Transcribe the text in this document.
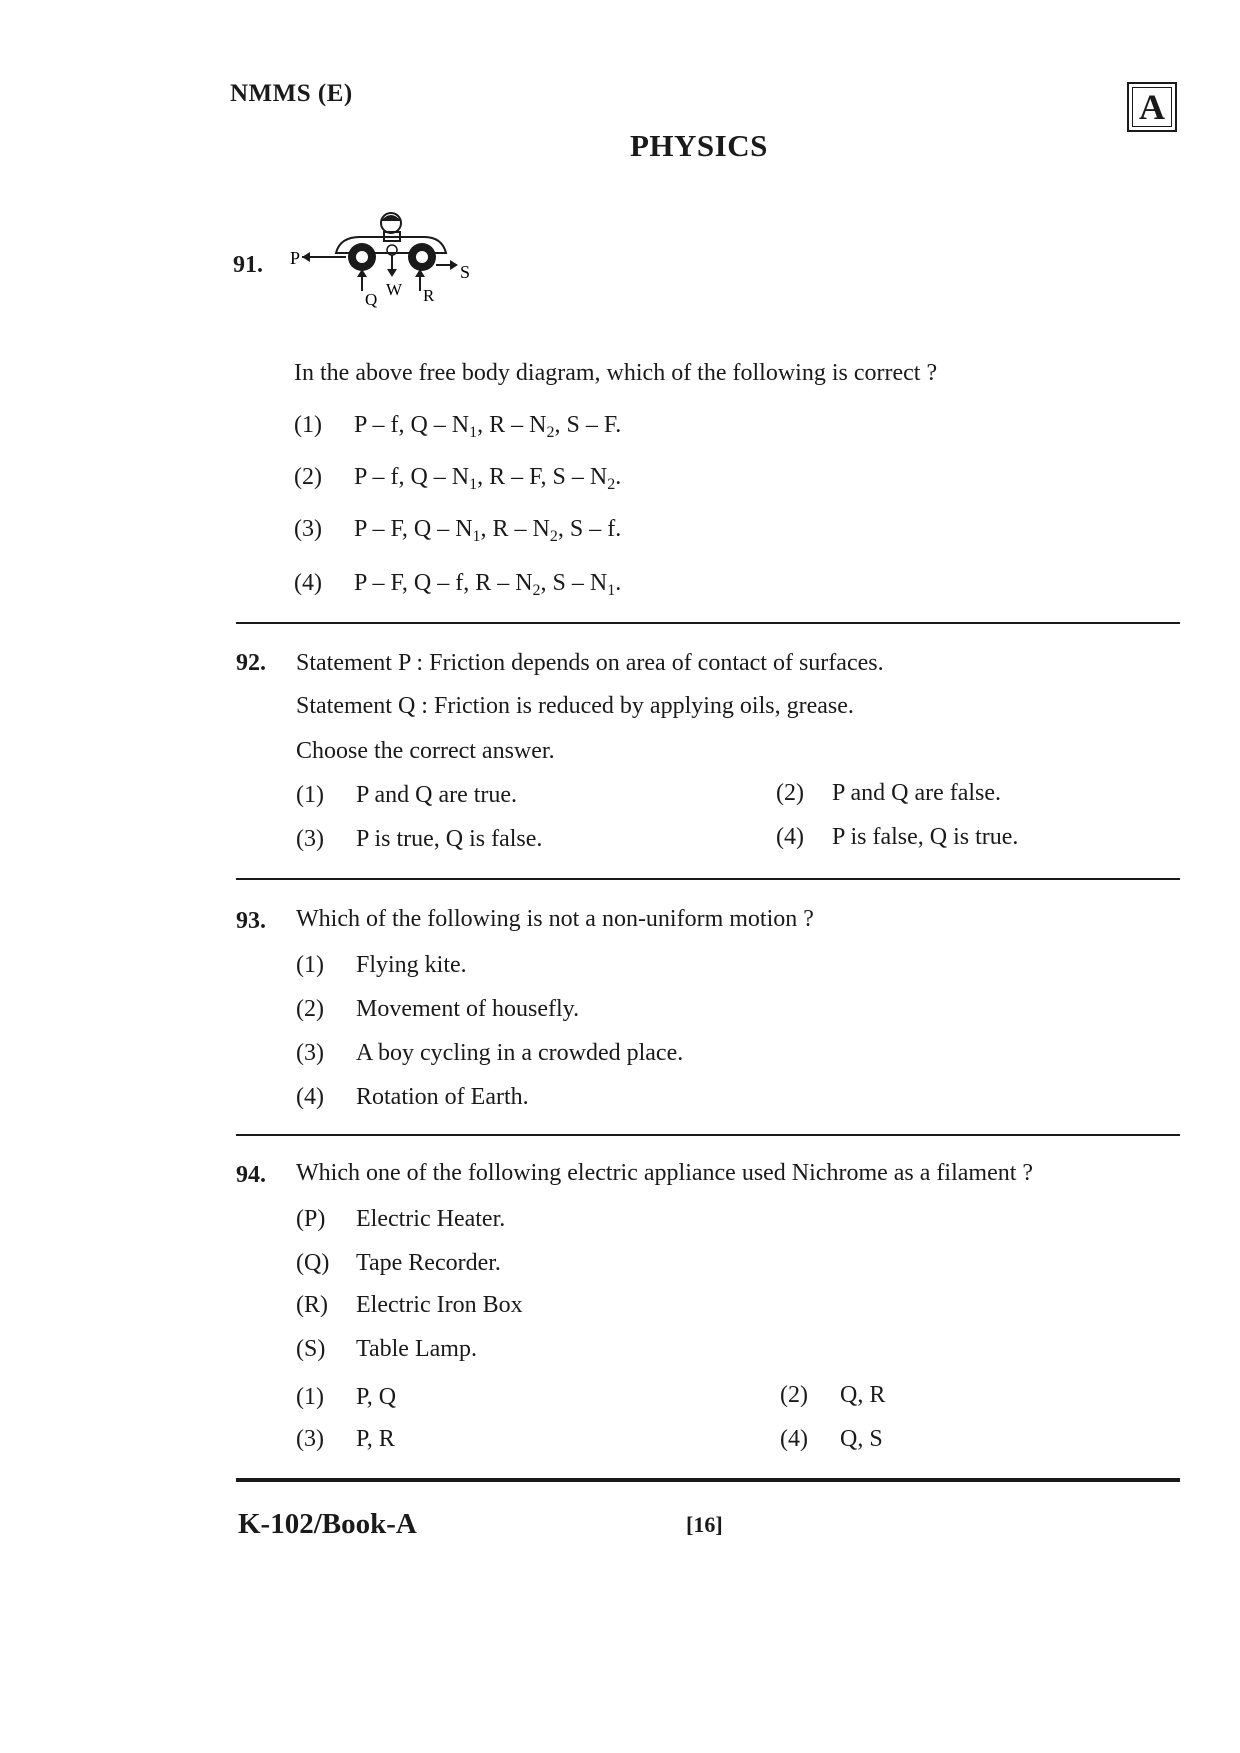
NMMS (E)	A
PHYSICS
91. P
S
Q	R
W
In the above free body diagram, which of the following is correct ?
(1) P – f, Q – $N_1$, R – $N_2$, S – F.
(2) P – f, Q – $N_1$, R – F, S – $N_2$.
(3) P – F, Q – $N_1$, R – $N_2$, S – f.
(4) P – F, Q – f, R – $N_2$, S – $N_1$.
92. Statement P : Friction depends on area of contact of surfaces.
Statement Q : Friction is reduced by applying oils, grease.
Choose the correct answer.
(1) P and Q are true.	(2) P and Q are false.
(3) P is true, Q is false.	(4) P is false, Q is true.
93. Which of the following is not a non-uniform motion ?
(1) Flying kite.
(2) Movement of housefly.
(3) A boy cycling in a crowded place.
(4) Rotation of Earth.
94. Which one of the following electric appliance used Nichrome as a filament ?
(P) Electric Heater.
(Q) Tape Recorder.
(R) Electric Iron Box
(S) Table Lamp.
(1) P, Q	(2) Q, R
(3) P, R	(4) Q, S
K-102/Book-A	[16]
